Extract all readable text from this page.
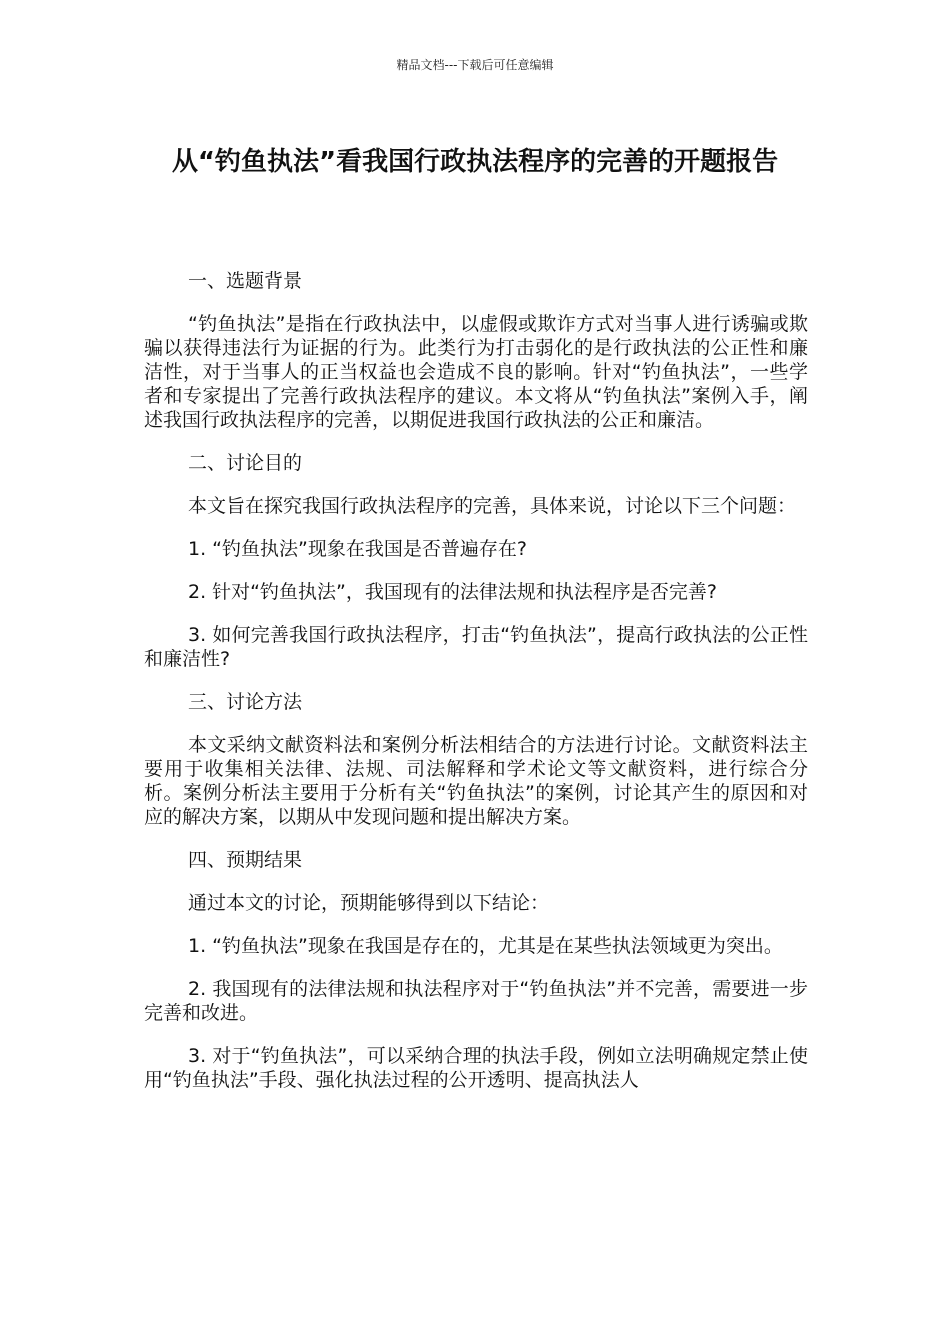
精品文档---下载后可任意编辑
从“钓鱼执法”看我国行政执法程序的完善的开题报告

一、选题背景

“钓鱼执法”是指在行政执法中，以虚假或欺诈方式对当事人进行诱骗或欺骗以获得违法行为证据的行为。此类行为打击弱化的是行政执法的公正性和廉洁性，对于当事人的正当权益也会造成不良的影响。针对“钓鱼执法”，一些学者和专家提出了完善行政执法程序的建议。本文将从“钓鱼执法”案例入手，阐述我国行政执法程序的完善，以期促进我国行政执法的公正和廉洁。

二、讨论目的

本文旨在探究我国行政执法程序的完善，具体来说，讨论以下三个问题：

1. “钓鱼执法”现象在我国是否普遍存在?

2. 针对“钓鱼执法”，我国现有的法律法规和执法程序是否完善?

3. 如何完善我国行政执法程序，打击“钓鱼执法”，提高行政执法的公正性和廉洁性?

三、讨论方法

本文采纳文献资料法和案例分析法相结合的方法进行讨论。文献资料法主要用于收集相关法律、法规、司法解释和学术论文等文献资料，进行综合分析。案例分析法主要用于分析有关“钓鱼执法”的案例，讨论其产生的原因和对应的解决方案，以期从中发现问题和提出解决方案。

四、预期结果

通过本文的讨论，预期能够得到以下结论：

1. “钓鱼执法”现象在我国是存在的，尤其是在某些执法领域更为突出。

2. 我国现有的法律法规和执法程序对于“钓鱼执法”并不完善，需要进一步完善和改进。

3. 对于“钓鱼执法”，可以采纳合理的执法手段，例如立法明确规定禁止使用“钓鱼执法”手段、强化执法过程的公开透明、提高执法人
